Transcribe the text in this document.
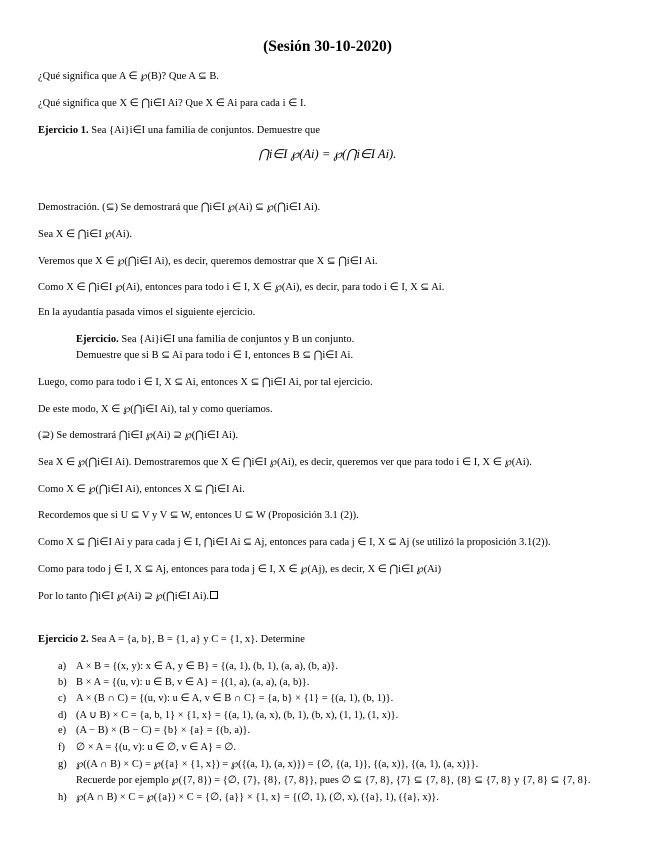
(Sesión 30-10-2020)
¿Qué significa que A ∈ ℘(B)? Que A ⊆ B.
¿Qué significa que X ∈ ⋂i∈I Ai? Que X ∈ Ai para cada i ∈ I.
Ejercicio 1. Sea {Ai}i∈I una familia de conjuntos. Demuestre que
⋂i∈I ℘(Ai) = ℘(⋂i∈I Ai).
Demostración. (⊆) Se demostrará que ⋂i∈I ℘(Ai) ⊆ ℘(⋂i∈I Ai).
Sea X ∈ ⋂i∈I ℘(Ai).
Veremos que X ∈ ℘(⋂i∈I Ai), es decir, queremos demostrar que X ⊆ ⋂i∈I Ai.
Como X ∈ ⋂i∈I ℘(Ai), entonces para todo i ∈ I, X ∈ ℘(Ai), es decir, para todo i ∈ I, X ⊆ Ai.
En la ayudantía pasada vimos el siguiente ejercicio.
Ejercicio. Sea {Ai}i∈I una familia de conjuntos y B un conjunto.
Demuestre que si B ⊆ Ai para todo i ∈ I, entonces B ⊆ ⋂i∈I Ai.
Luego, como para todo i ∈ I, X ⊆ Ai, entonces X ⊆ ⋂i∈I Ai, por tal ejercicio.
De este modo, X ∈ ℘(⋂i∈I Ai), tal y como queríamos.
(⊇) Se demostrará ⋂i∈I ℘(Ai) ⊇ ℘(⋂i∈I Ai).
Sea X ∈ ℘(⋂i∈I Ai). Demostraremos que X ∈ ⋂i∈I ℘(Ai), es decir, queremos ver que para todo i ∈ I, X ∈ ℘(Ai).
Como X ∈ ℘(⋂i∈I Ai), entonces X ⊆ ⋂i∈I Ai.
Recordemos que si U ⊆ V y V ⊆ W, entonces U ⊆ W (Proposición 3.1 (2)).
Como X ⊆ ⋂i∈I Ai y para cada j ∈ I, ⋂i∈I Ai ⊆ Aj, entonces para cada j ∈ I, X ⊆ Aj (se utilizó la proposición 3.1(2)).
Como para todo j ∈ I, X ⊆ Aj, entonces para toda j ∈ I, X ∈ ℘(Aj), es decir, X ∈ ⋂i∈I ℘(Ai)
Por lo tanto ⋂i∈I ℘(Ai) ⊇ ℘(⋂i∈I Ai).
Ejercicio 2. Sea A = {a, b}, B = {1, a} y C = {1, x}. Determine
a) A × B = {(x, y): x ∈ A, y ∈ B} = {(a, 1), (b, 1), (a, a), (b, a)}.
b) B × A = {(u, v): u ∈ B, v ∈ A} = {(1, a), (a, a), (a, b)}.
c) A × (B ∩ C) = {(u, v): u ∈ A, v ∈ B ∩ C} = {a, b} × {1} = {(a, 1), (b, 1)}.
d) (A ∪ B) × C = {a, b, 1} × {1, x} = {(a, 1), (a, x), (b, 1), (b, x), (1, 1), (1, x)}.
e) (A − B) × (B − C) = {b} × {a} = {(b, a)}.
f) ∅ × A = {(u, v): u ∈ ∅, v ∈ A} = ∅.
g) ℘((A ∩ B) × C) = ℘({a} × {1, x}) = ℘({(a, 1), (a, x)}) = {∅, {(a, 1)}, {(a, x)}, {(a, 1), (a, x)}}.
Recuerde por ejemplo ℘({7, 8}) = {∅, {7}, {8}, {7, 8}}, pues ∅ ⊆ {7, 8}, {7} ⊆ {7, 8}, {8} ⊆ {7, 8} y {7, 8} ⊆ {7, 8}.
h) ℘(A ∩ B) × C = ℘({a}) × C = {∅, {a}} × {1, x} = {(∅, 1), (∅, x), ({a}, 1), ({a}, x)}.
